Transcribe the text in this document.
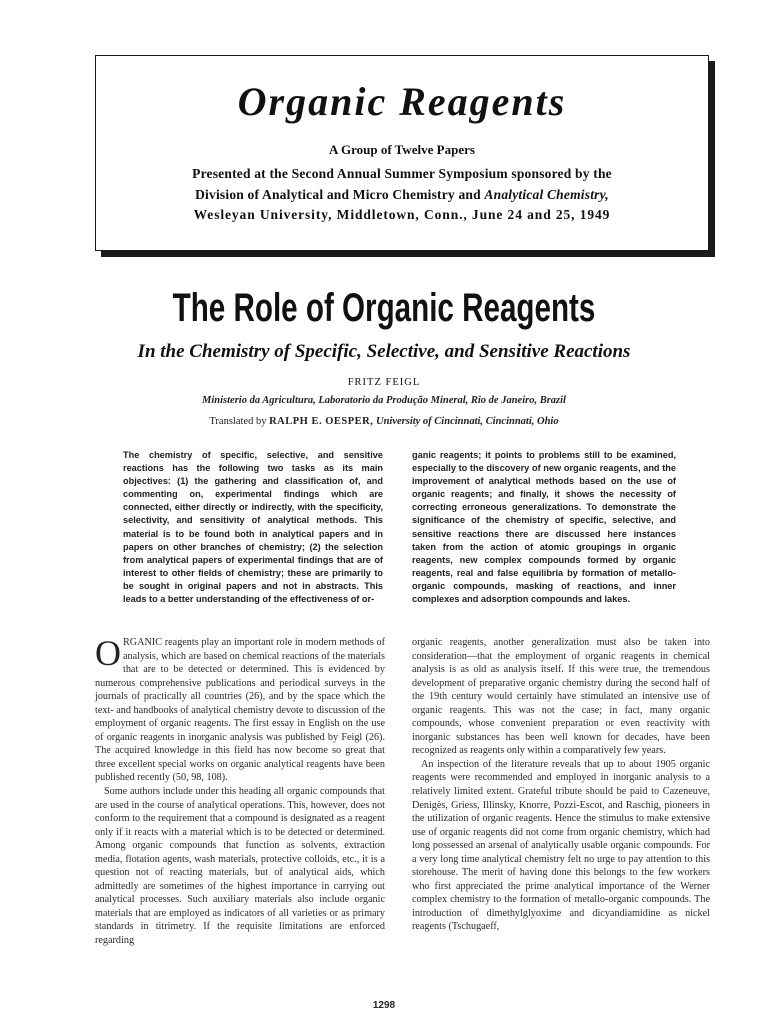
Organic Reagents
A Group of Twelve Papers
Presented at the Second Annual Summer Symposium sponsored by the
Division of Analytical and Micro Chemistry and Analytical Chemistry,
Wesleyan University, Middletown, Conn., June 24 and 25, 1949
The Role of Organic Reagents
In the Chemistry of Specific, Selective, and Sensitive Reactions
FRITZ FEIGL
Ministerio da Agricultura, Laboratorio da Produção Mineral, Rio de Janeiro, Brazil
Translated by RALPH E. OESPER, University of Cincinnati, Cincinnati, Ohio
The chemistry of specific, selective, and sensitive reactions has the following two tasks as its main objectives: (1) the gathering and classification of, and commenting on, experimental findings which are connected, either directly or indirectly, with the specificity, selectivity, and sensitivity of analytical methods. This material is to be found both in analytical papers and in papers on other branches of chemistry; (2) the selection from analytical papers of experimental findings that are of interest to other fields of chemistry; these are primarily to be sought in original papers and not in abstracts. This leads to a better understanding of the effectiveness of or-
ganic reagents; it points to problems still to be examined, especially to the discovery of new organic reagents, and the improvement of analytical methods based on the use of organic reagents; and finally, it shows the necessity of correcting erroneous generalizations. To demonstrate the significance of the chemistry of specific, selective, and sensitive reactions there are discussed here instances taken from the action of atomic groupings in organic reagents, new complex compounds formed by organic reagents, real and false equilibria by formation of metallo-organic compounds, masking of reactions, and inner complexes and adsorption compounds and lakes.

ORGANIC reagents play an important role in modern methods of analysis, which are based on chemical reactions of the materials that are to be detected or determined. This is evidenced by numerous comprehensive publications and periodical surveys in the journals of practically all countries (26), and by the space which the text- and handbooks of analytical chemistry devote to discussion of the employment of organic reagents. The first essay in English on the use of organic reagents in inorganic analysis was published by Feigl (26). The acquired knowledge in this field has now become so great that three excellent special works on organic analytical reagents have been published recently (50, 98, 108).

Some authors include under this heading all organic compounds that are used in the course of analytical operations. This, however, does not conform to the requirement that a compound is designated as a reagent only if it reacts with a material which is to be detected or determined. Among organic compounds that function as solvents, extraction media, flotation agents, wash materials, protective colloids, etc., it is a question not of reacting materials, but of analytical aids, which admittedly are sometimes of the highest importance in carrying out analytical processes. Such auxiliary materials also include organic materials that are employed as indicators of all varieties or as primary standards in titrimetry. If the requisite limitations are enforced regarding

organic reagents, another generalization must also be taken into consideration—that the employment of organic reagents in chemical analysis is as old as analysis itself. If this were true, the tremendous development of preparative organic chemistry during the second half of the 19th century would certainly have stimulated an intensive use of organic reagents. This was not the case; in fact, many organic compounds, whose convenient preparation or even reactivity with inorganic substances has been well known for decades, have been recognized as reagents only within a comparatively few years.

An inspection of the literature reveals that up to about 1905 organic reagents were recommended and employed in inorganic analysis to a relatively limited extent. Grateful tribute should be paid to Cazeneuve, Denigès, Griess, Illinsky, Knorre, Pozzi-Escot, and Raschig, pioneers in the utilization of organic reagents. Hence the stimulus to make extensive use of organic reagents did not come from organic chemistry, which had long possessed an arsenal of analytically usable organic compounds. For a very long time analytical chemistry felt no urge to pay attention to this storehouse. The merit of having done this belongs to the few workers who first appreciated the prime analytical importance of the Werner complex chemistry to the formation of metallo-organic compounds. The introduction of dimethylglyoxime and dicyandiamidine as nickel reagents (Tschugaeff,

1298
